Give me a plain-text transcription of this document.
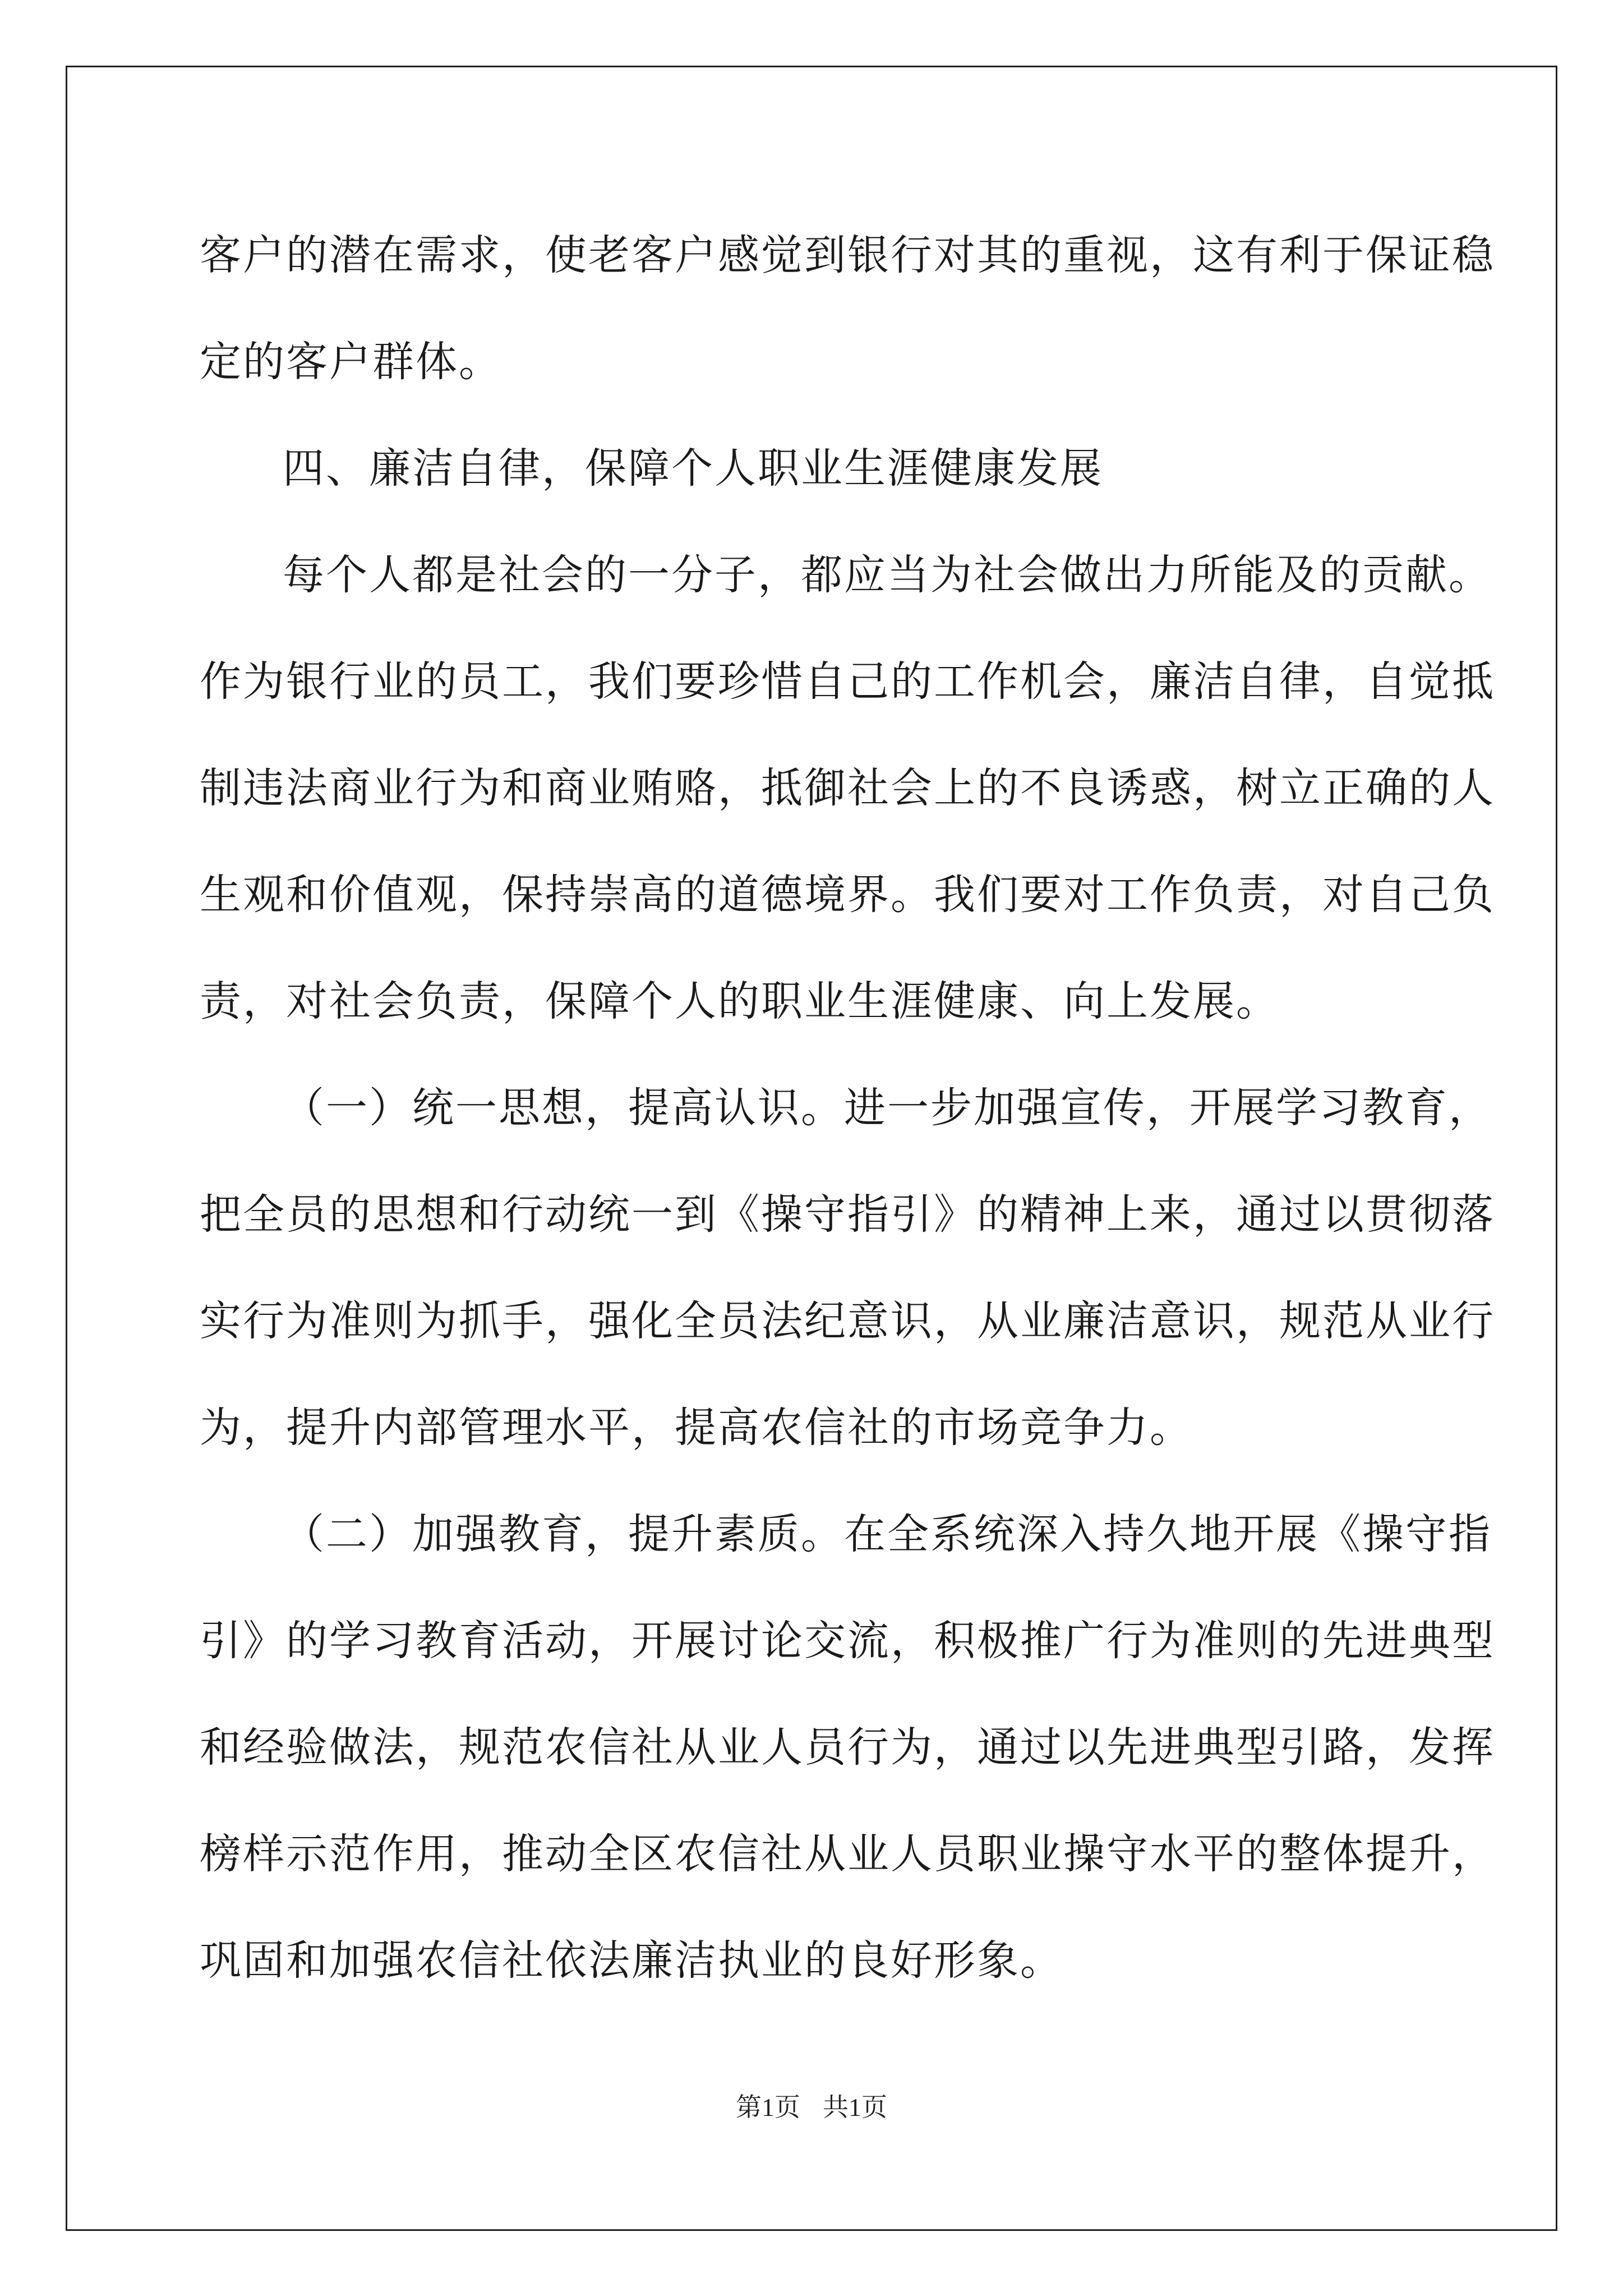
客户的潜在需求，使老客户感觉到银行对其的重视，这有利于保证稳
定的客户群体。
四、廉洁自律，保障个人职业生涯健康发展
每个人都是社会的一分子，都应当为社会做出力所能及的贡献。
作为银行业的员工，我们要珍惜自己的工作机会，廉洁自律，自觉抵
制违法商业行为和商业贿赂，抵御社会上的不良诱惑，树立正确的人
生观和价值观，保持崇高的道德境界。我们要对工作负责，对自己负
责，对社会负责，保障个人的职业生涯健康、向上发展。
（一）统一思想，提高认识。进一步加强宣传，开展学习教育，
把全员的思想和行动统一到《操守指引》的精神上来，通过以贯彻落
实行为准则为抓手，强化全员法纪意识，从业廉洁意识，规范从业行
为，提升内部管理水平，提高农信社的市场竞争力。
（二）加强教育，提升素质。在全系统深入持久地开展《操守指
引》的学习教育活动，开展讨论交流，积极推广行为准则的先进典型
和经验做法，规范农信社从业人员行为，通过以先进典型引路，发挥
榜样示范作用，推动全区农信社从业人员职业操守水平的整体提升，
巩固和加强农信社依法廉洁执业的良好形象。
第1页 共1页
